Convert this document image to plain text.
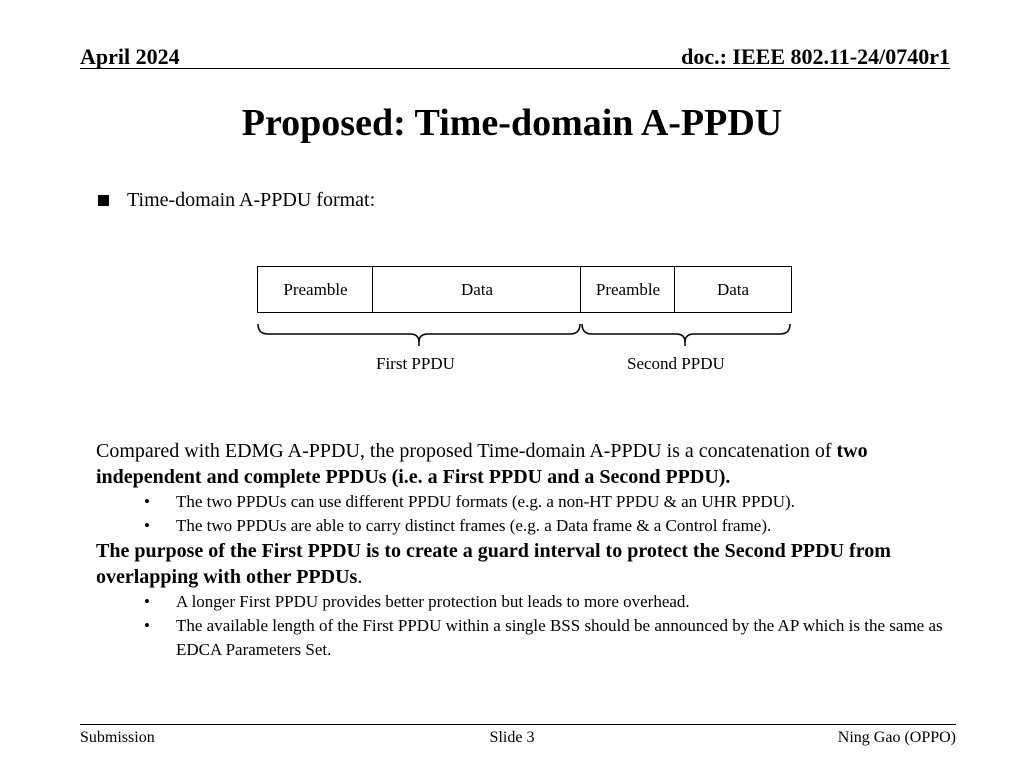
April 2024	doc.: IEEE 802.11-24/0740r1
Proposed: Time-domain A-PPDU
Time-domain A-PPDU format:
Preamble	Data	Preamble	Data
First PPDU	Second PPDU

Compared with EDMG A-PPDU, the proposed Time-domain A-PPDU is a concatenation of two independent and complete PPDUs (i.e. a First PPDU and a Second PPDU).

• The two PPDUs can use different PPDU formats (e.g. a non-HT PPDU & an UHR PPDU).

• The two PPDUs are able to carry distinct frames (e.g. a Data frame & a Control frame).

The purpose of the First PPDU is to create a guard interval to protect the Second PPDU from overlapping with other PPDUs.

• A longer First PPDU provides better protection but leads to more overhead.

• The available length of the First PPDU within a single BSS should be announced by the AP which is the same as EDCA Parameters Set.

Submission	Slide 3	Ning Gao (OPPO)
